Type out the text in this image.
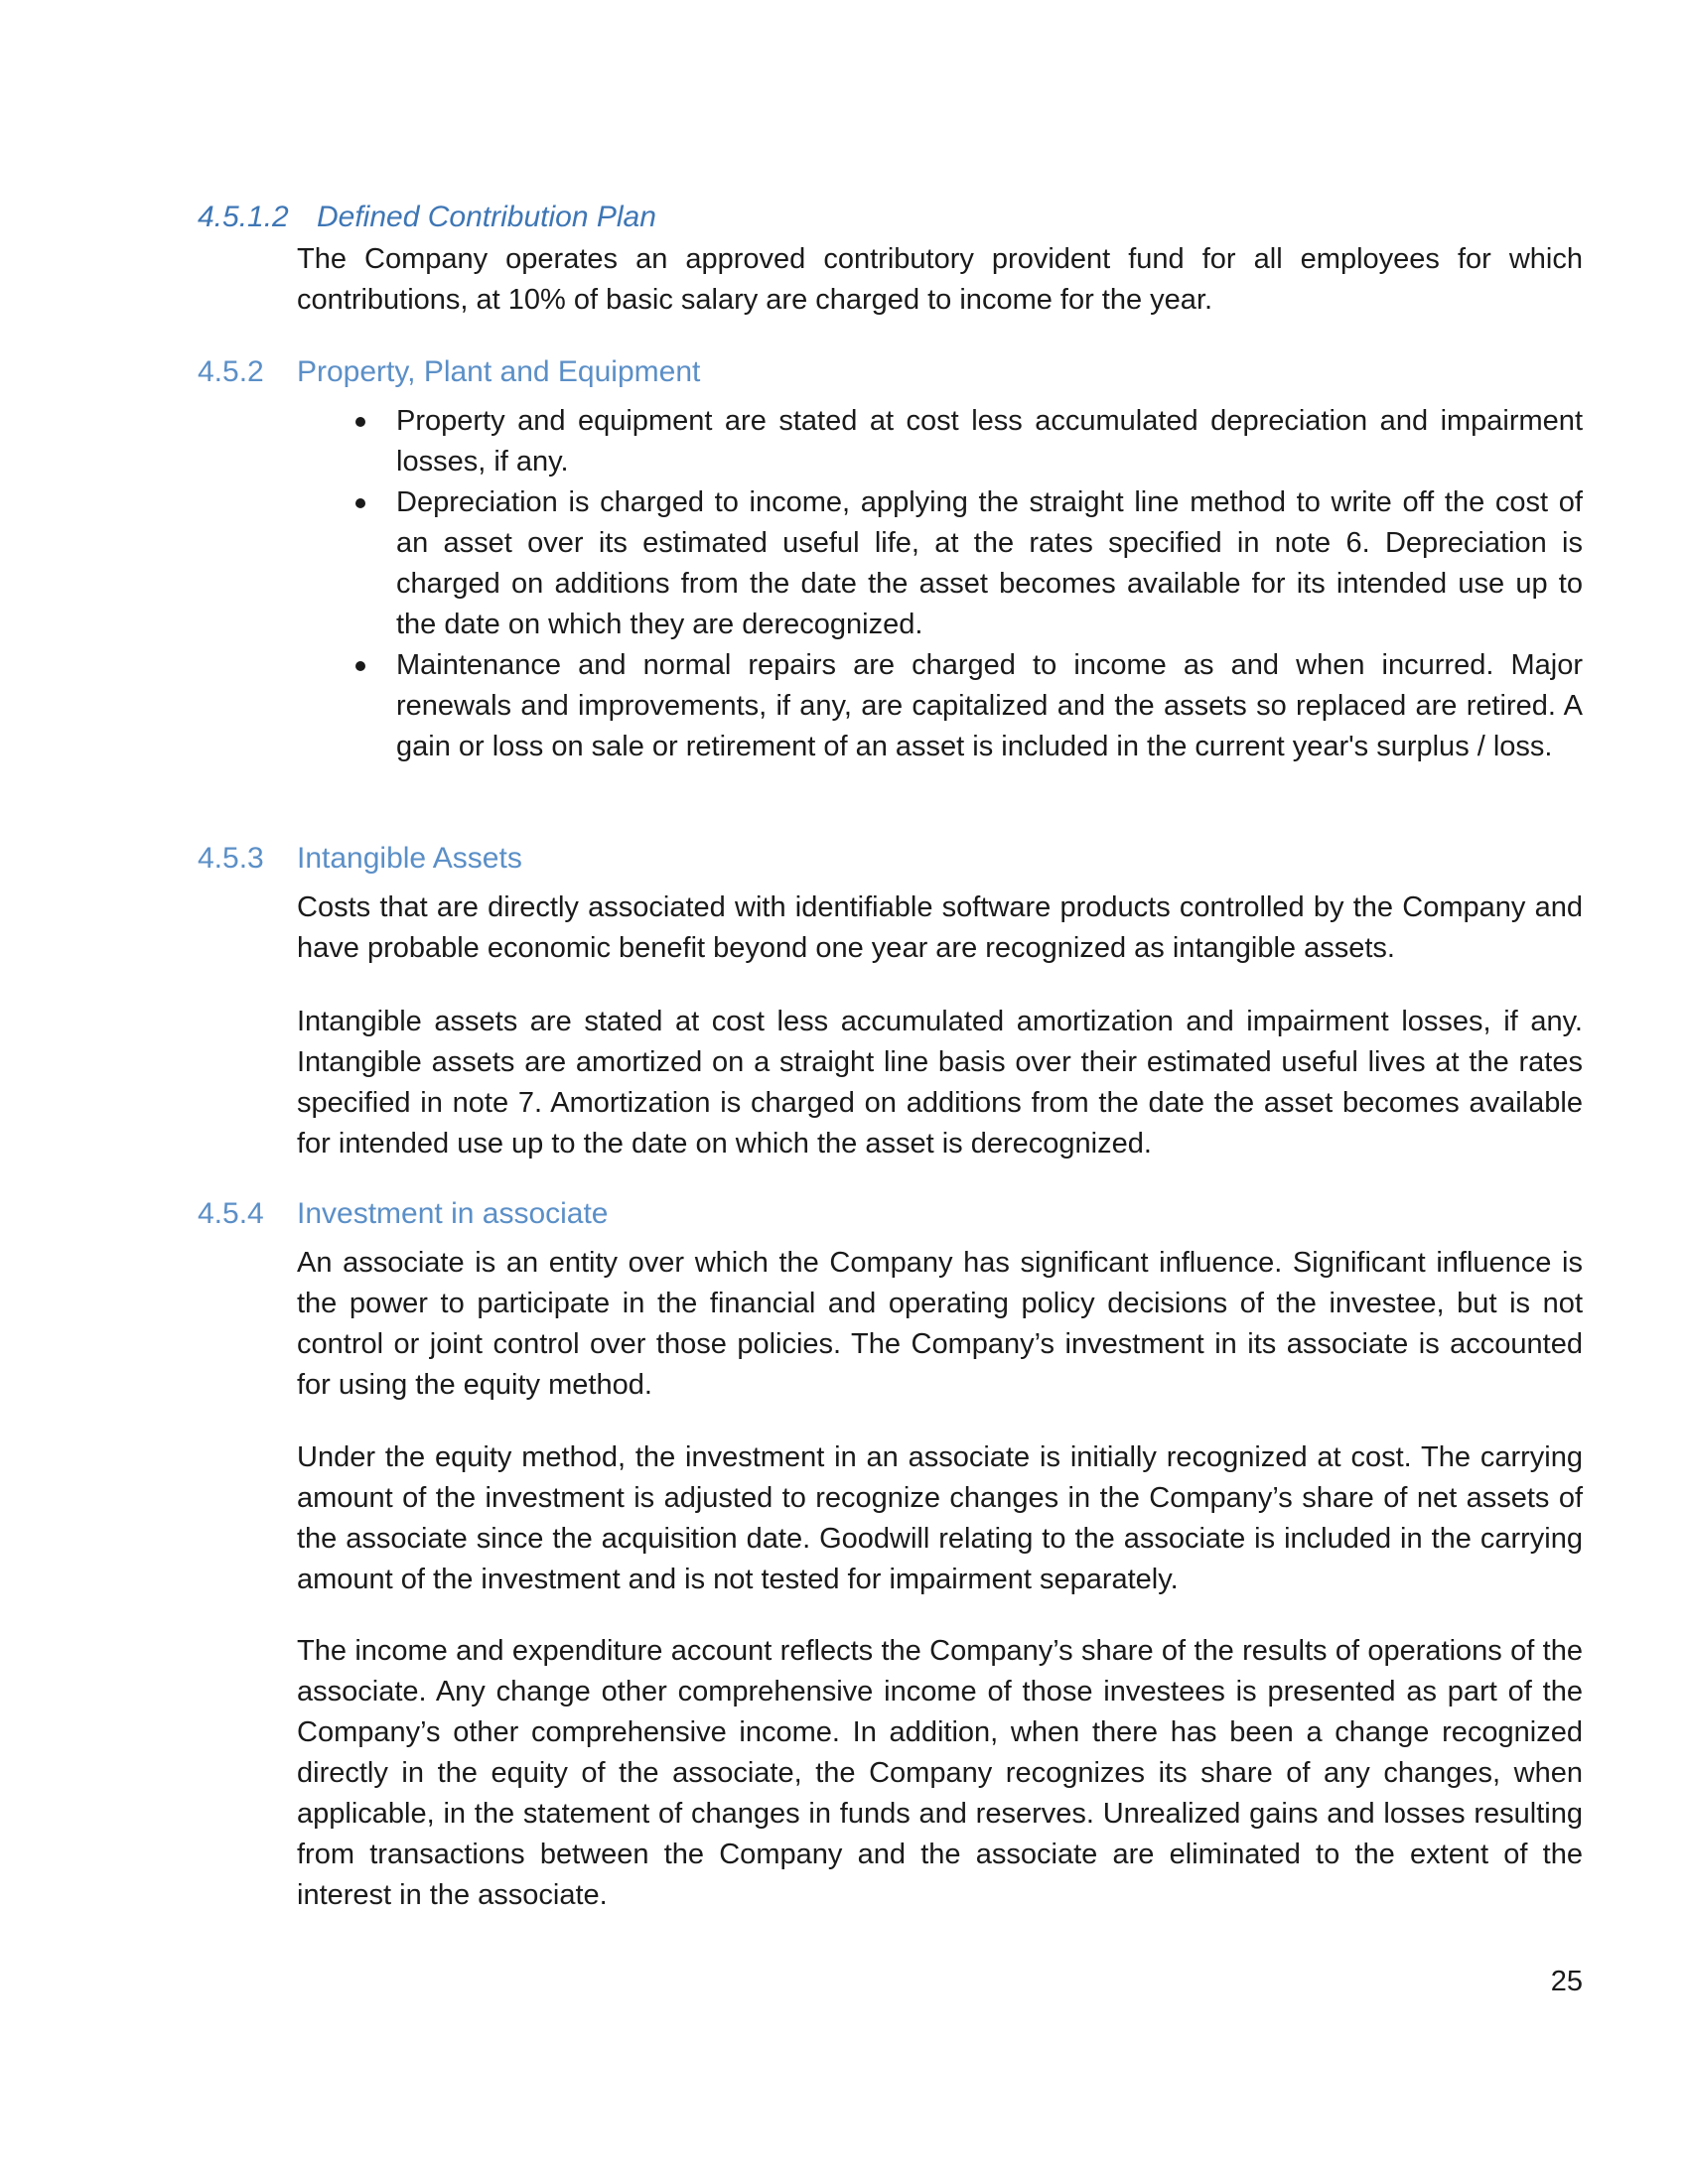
4.5.1.2 Defined Contribution Plan

The Company operates an approved contributory provident fund for all employees for which contributions, at 10% of basic salary are charged to income for the year.

4.5.2 Property, Plant and Equipment
Property and equipment are stated at cost less accumulated depreciation and impairment losses, if any.
Depreciation is charged to income, applying the straight line method to write off the cost of an asset over its estimated useful life, at the rates specified in note 6. Depreciation is charged on additions from the date the asset becomes available for its intended use up to the date on which they are derecognized.
Maintenance and normal repairs are charged to income as and when incurred. Major renewals and improvements, if any, are capitalized and the assets so replaced are retired. A gain or loss on sale or retirement of an asset is included in the current year's surplus / loss.
4.5.3 Intangible Assets

Costs that are directly associated with identifiable software products controlled by the Company and have probable economic benefit beyond one year are recognized as intangible assets.

Intangible assets are stated at cost less accumulated amortization and impairment losses, if any. Intangible assets are amortized on a straight line basis over their estimated useful lives at the rates specified in note 7. Amortization is charged on additions from the date the asset becomes available for intended use up to the date on which the asset is derecognized.

4.5.4 Investment in associate

An associate is an entity over which the Company has significant influence. Significant influence is the power to participate in the financial and operating policy decisions of the investee, but is not control or joint control over those policies. The Company’s investment in its associate is accounted for using the equity method.

Under the equity method, the investment in an associate is initially recognized at cost. The carrying amount of the investment is adjusted to recognize changes in the Company’s share of net assets of the associate since the acquisition date. Goodwill relating to the associate is included in the carrying amount of the investment and is not tested for impairment separately.

The income and expenditure account reflects the Company’s share of the results of operations of the associate. Any change other comprehensive income of those investees is presented as part of the Company’s other comprehensive income. In addition, when there has been a change recognized directly in the equity of the associate, the Company recognizes its share of any changes, when applicable, in the statement of changes in funds and reserves. Unrealized gains and losses resulting from transactions between the Company and the associate are eliminated to the extent of the interest in the associate.

25
